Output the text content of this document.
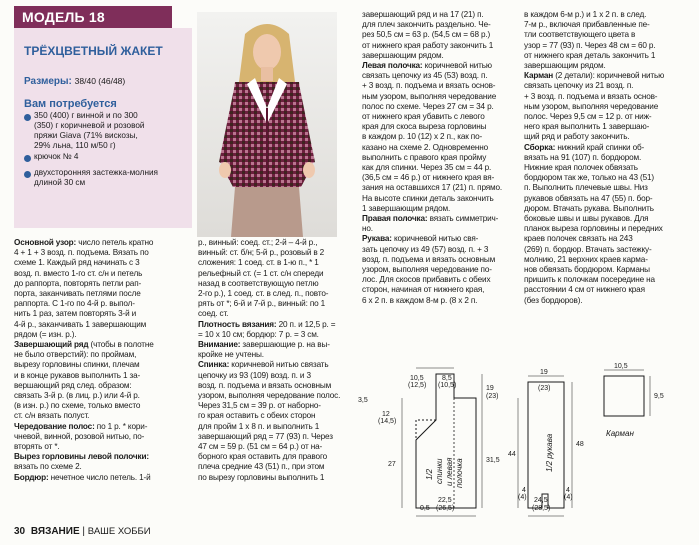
МОДЕЛЬ 18
ТРЁХЦВЕТНЫЙ ЖАКЕТ
Размеры: 38/40 (46/48)
Вам потребуется
350 (400) г винной и по 300
(350) г коричневой и розовой
пряжи Giava (71% вискозы,
29% льна, 110 м/50 г)
крючок № 4
двухсторонняя застежка-молния
длиной 30 см
Основной узор: число петель кратно
4 + 1 + 3 возд. п. подъема. Вязать по
схеме 1. Каждый ряд начинать с 3
возд. п. вместо 1-го ст. с/н и петель
до раппорта, повторять петли рап-
порта, заканчивать петлями после
раппорта. С 1-го по 4-й р. выпол-
нить 1 раз, затем повторять 3-й и
4-й р., заканчивать 1 завершающим
рядом (= изн. р.).
Завершающий ряд (чтобы в полотне
не было отверстий): по проймам,
вырезу горловины спинки, плечам
и в конце рукавов выполнить 1 за-
вершающий ряд след. образом:
связать 3-й р. (в лиц. р.) или 4-й р.
(в изн. р.) по схеме, только вместо
ст. с/н вязать полуст.
Чередование полос: по 1 р. * кори-
чневой, винной, розовой нитью, по-
вторять от *.
Вырез горловины левой полочки:
вязать по схеме 2.
Бордюр: нечетное число петель. 1-й
р., винный: соед. ст.; 2-й – 4-й р.,
винный: ст. б/н; 5-й р., розовый в 2
сложения: 1 соед. ст. в 1-ю п., * 1
рельефный ст. (= 1 ст. с/н спереди
назад в соответствующую петлю
2-го р.), 1 соед. ст. в след. п., повто-
рять от *; 6-й и 7-й р., винный: по 1
соед. ст.
Плотность вязания: 20 п. и 12,5 р. =
= 10 х 10 см; бордюр: 7 р. = 3 см.
Внимание: завершающие р. на вы-
кройке не учтены.
Спинка: коричневой нитью связать
цепочку из 93 (109) возд. п. и 3
возд. п. подъема и вязать основным
узором, выполняя чередование полос.
Через 31,5 см = 39 р. от наборно-
го края оставить с обеих сторон
для пройм 1 х 8 п. и выполнить 1
завершающий ряд = 77 (93) п. Через
47 см = 59 р. (51 см = 64 р.) от на-
борного края оставить для правого
плеча средние 43 (51) п., при этом
по вырезу горловины выполнить 1
завершающий ряд и на 17 (21) п.
для плеч закончить раздельно. Че-
рез 50,5 см = 63 р. (54,5 см = 68 р.)
от нижнего края работу закончить 1
завершающим рядом.
Левая полочка: коричневой нитью
связать цепочку из 45 (53) возд. п.
+ 3 возд. п. подъема и вязать основ-
ным узором, выполняя чередование
полос по схеме. Через 27 см = 34 р.
от нижнего края убавить с левого
края для скоса выреза горловины
в каждом р. 10 (12) х 2 п., как по-
казано на схеме 2. Одновременно
выполнить с правого края пройму
как для спинки. Через 35 см = 44 р.
(36,5 см = 46 р.) от нижнего края вя-
зания на оставшихся 17 (21) п. прямо.
На высоте спинки деталь закончить
1 завершающим рядом.
Правая полочка: вязать симметрич-
но.
Рукава: коричневой нитью свя-
зать цепочку из 49 (57) возд. п. + 3
возд. п. подъема и вязать основным
узором, выполняя чередование по-
лос. Для скосов прибавить с обеих
сторон, начиная от нижнего края,
6 х 2 п. в каждом 8-м р. (8 х 2 п.
в каждом 6-м р.) и 1 х 2 п. в след.
7-м р., включая прибавленные пе-
тли соответствующего цвета в
узор = 77 (93) п. Через 48 см = 60 р.
от нижнего края деталь закончить 1
завершающим рядом.
Карман (2 детали): коричневой нитью
связать цепочку из 21 возд. п.
+ 3 возд. п. подъема и вязать основ-
ным узором, выполняя чередование
полос. Через 9,5 см = 12 р. от ниж-
него края выполнить 1 завершаю-
щий ряд и работу закончить.
Сборка: нижний край спинки об-
вязать на 91 (107) п. бордюром.
Нижние края полочек обвязать
бордюром так же, только на 43 (51)
п. Выполнить плечевые швы. Низ
рукавов обвязать на 47 (55) п. бор-
дюром. Втачать рукава. Выполнить
боковые швы и швы рукавов. Для
планок выреза горловины и передних
краев полочек связать на 243
(269) п. бордюр. Втачать застежку-
молнию, 21 верхних краев карма-
нов обвязать бордюром. Карманы
пришить к полочкам посередине на
расстоянии 4 см от нижнего края
(без бордюров).
10,5
(12,5)
8,5
(10,5)
3,5
12
(14,5)
27
19
(23)
31,5
0,5
22,5
(26,5)
1/2 спинки и левая полочка
19
(23)
44
48
24,5
(28,5)
4
(4)
4
(4)
1/2 рукава
10,5
9,5
Карман
30 ВЯЗАНИЕ | ВАШЕ ХОББИ
